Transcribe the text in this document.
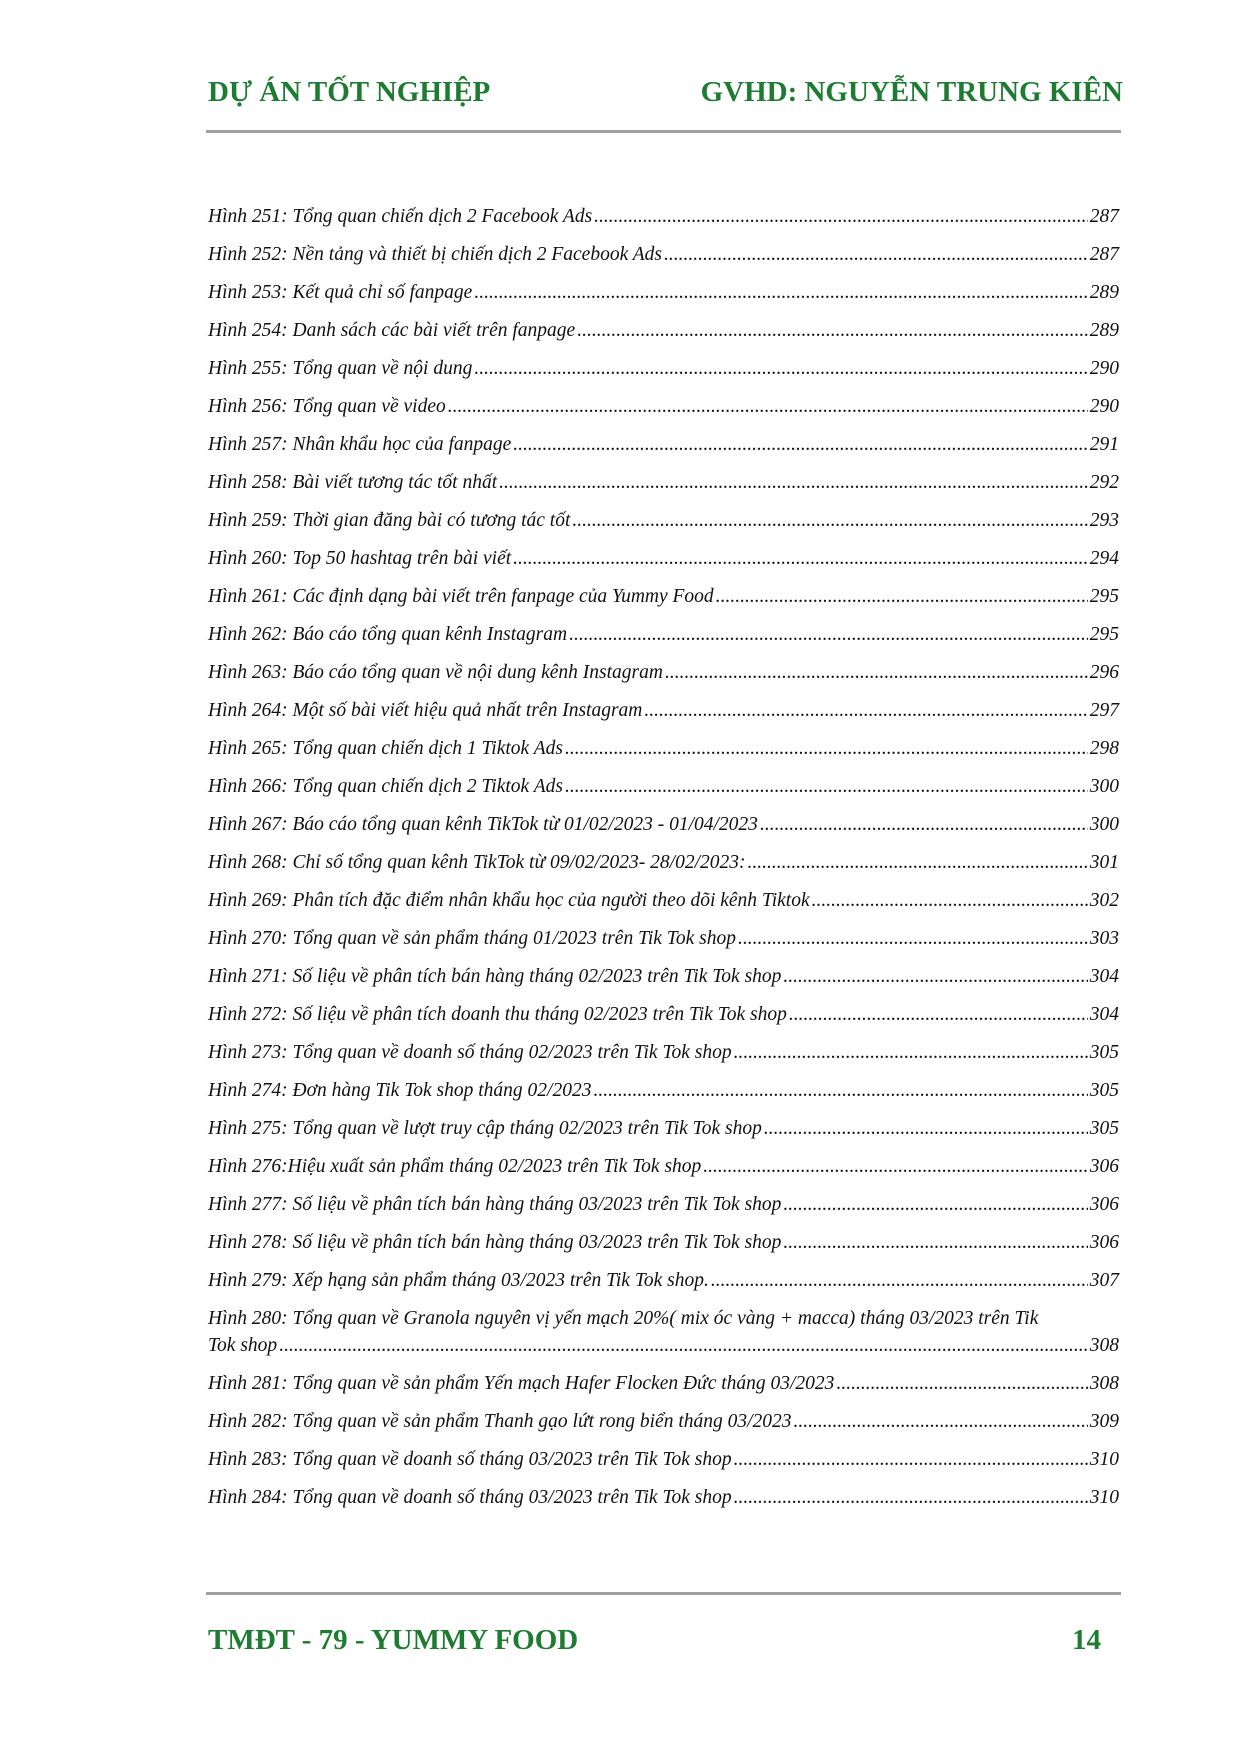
DỰ ÁN TỐT NGHIỆP	GVHD: NGUYỄN TRUNG KIÊN
Hình 251: Tổng quan chiến dịch 2 Facebook Ads .....	287
Hình 252: Nền tảng và thiết bị chiến dịch 2 Facebook Ads .....	287
Hình 253: Kết quả chỉ số fanpage .....	289
Hình 254: Danh sách các bài viết trên fanpage .....	289
Hình 255: Tổng quan về nội dung .....	290
Hình 256: Tổng quan về video .....	290
Hình 257: Nhân khẩu học của fanpage .....	291
Hình 258: Bài viết tương tác tốt nhất .....	292
Hình 259: Thời gian đăng bài có tương tác tốt .....	293
Hình 260: Top 50 hashtag trên bài viết .....	294
Hình 261: Các định dạng bài viết trên fanpage của Yummy Food .....	295
Hình 262: Báo cáo tổng quan kênh Instagram .....	295
Hình 263: Báo cáo tổng quan về nội dung kênh Instagram .....	296
Hình 264: Một số bài viết hiệu quả nhất trên Instagram .....	297
Hình 265: Tổng quan chiến dịch 1 Tiktok Ads .....	298
Hình 266: Tổng quan chiến dịch 2 Tiktok Ads .....	300
Hình 267: Báo cáo tổng quan kênh TikTok từ 01/02/2023 - 01/04/2023 .....	300
Hình 268: Chỉ số tổng quan kênh TikTok từ 09/02/2023- 28/02/2023: .....	301
Hình 269: Phân tích đặc điểm nhân khẩu học của người theo dõi kênh Tiktok .....	302
Hình 270: Tổng quan về sản phẩm tháng 01/2023 trên Tik Tok shop .....	303
Hình 271: Số liệu về phân tích bán hàng tháng 02/2023 trên Tik Tok shop .....	304
Hình 272: Số liệu về phân tích doanh thu tháng 02/2023 trên Tik Tok shop .....	304
Hình 273: Tổng quan về doanh số tháng 02/2023 trên Tik Tok shop .....	305
Hình 274: Đơn hàng Tik Tok shop tháng 02/2023 .....	305
Hình 275: Tổng quan về lượt truy cập tháng 02/2023 trên Tik Tok shop .....	305
Hình 276:Hiệu xuất sản phẩm tháng 02/2023 trên Tik Tok shop .....	306
Hình 277: Số liệu về phân tích bán hàng tháng 03/2023 trên Tik Tok shop .....	306
Hình 278: Số liệu về phân tích bán hàng tháng 03/2023 trên Tik Tok shop .....	306
Hình 279: Xếp hạng sản phẩm tháng 03/2023 trên Tik Tok shop. .....	307
Hình 280: Tổng quan về Granola nguyên vị yến mạch 20%( mix óc vàng + macca) tháng 03/2023 trên Tik
Tok shop .....	308
Hình 281: Tổng quan về sản phẩm Yến mạch Hafer Flocken Đức tháng 03/2023 .....	308
Hình 282: Tổng quan về sản phẩm Thanh gạo lứt rong biển tháng 03/2023 .....	309
Hình 283: Tổng quan về doanh số tháng 03/2023 trên Tik Tok shop .....	310
Hình 284: Tổng quan về doanh số tháng 03/2023 trên Tik Tok shop .....	310
TMĐT - 79 - YUMMY FOOD	14
